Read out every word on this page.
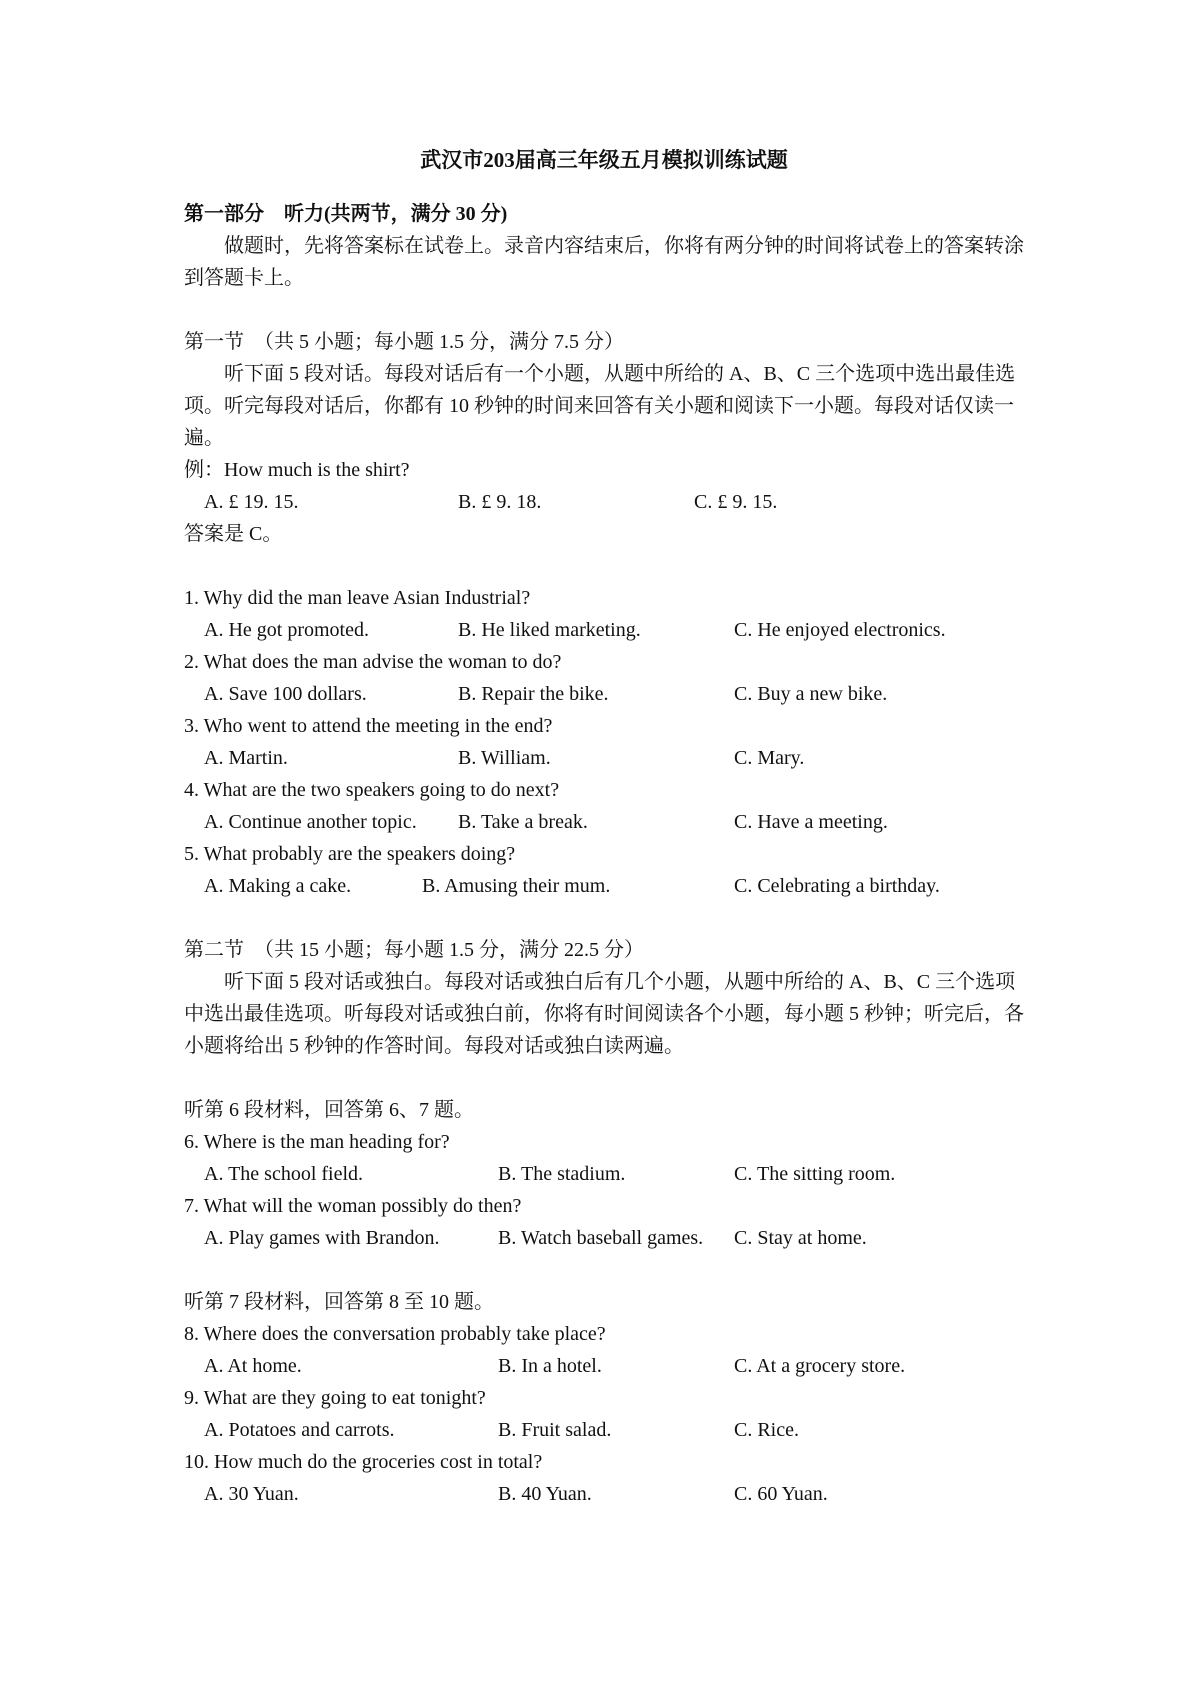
武汉市203届高三年级五月模拟训练试题

第一部分　听力(共两节，满分 30 分)

做题时，先将答案标在试卷上。录音内容结束后，你将有两分钟的时间将试卷上的答案转涂到答题卡上。

第一节　（共 5 小题；每小题 1.5 分，满分 7.5 分）

听下面 5 段对话。每段对话后有一个小题，从题中所给的 A、B、C 三个选项中选出最佳选项。听完每段对话后，你都有 10 秒钟的时间来回答有关小题和阅读下一小题。每段对话仅读一遍。

例：How much is the shirt?

A. £ 19. 15.	B. £ 9. 18.	C. £ 9. 15.

答案是 C。

1. Why did the man leave Asian Industrial?

A. He got promoted.	B. He liked marketing.	C. He enjoyed electronics.

2. What does the man advise the woman to do?

A. Save 100 dollars.	B. Repair the bike.	C. Buy a new bike.

3. Who went to attend the meeting in the end?

A. Martin.	B. William.	C. Mary.

4. What are the two speakers going to do next?

A. Continue another topic. B. Take a break.	C. Have a meeting.

5. What probably are the speakers doing?

A. Making a cake.	B. Amusing their mum.	C. Celebrating a birthday.

第二节　（共 15 小题；每小题 1.5 分，满分 22.5 分）

听下面 5 段对话或独白。每段对话或独白后有几个小题，从题中所给的 A、B、C 三个选项中选出最佳选项。听每段对话或独白前，你将有时间阅读各个小题，每小题 5 秒钟；听完后，各小题将给出 5 秒钟的作答时间。每段对话或独白读两遍。

听第 6 段材料，回答第 6、7 题。

6. Where is the man heading for?

A. The school field.	B. The stadium.	C. The sitting room.

7. What will the woman possibly do then?

A. Play games with Brandon.	B. Watch baseball games. C. Stay at home.

听第 7 段材料，回答第 8 至 10 题。

8. Where does the conversation probably take place?

A. At home.	B. In a hotel.	C. At a grocery store.

9. What are they going to eat tonight?

A. Potatoes and carrots.	B. Fruit salad.	C. Rice.

10. How much do the groceries cost in total?

A. 30 Yuan.	B. 40 Yuan.	C. 60 Yuan.
